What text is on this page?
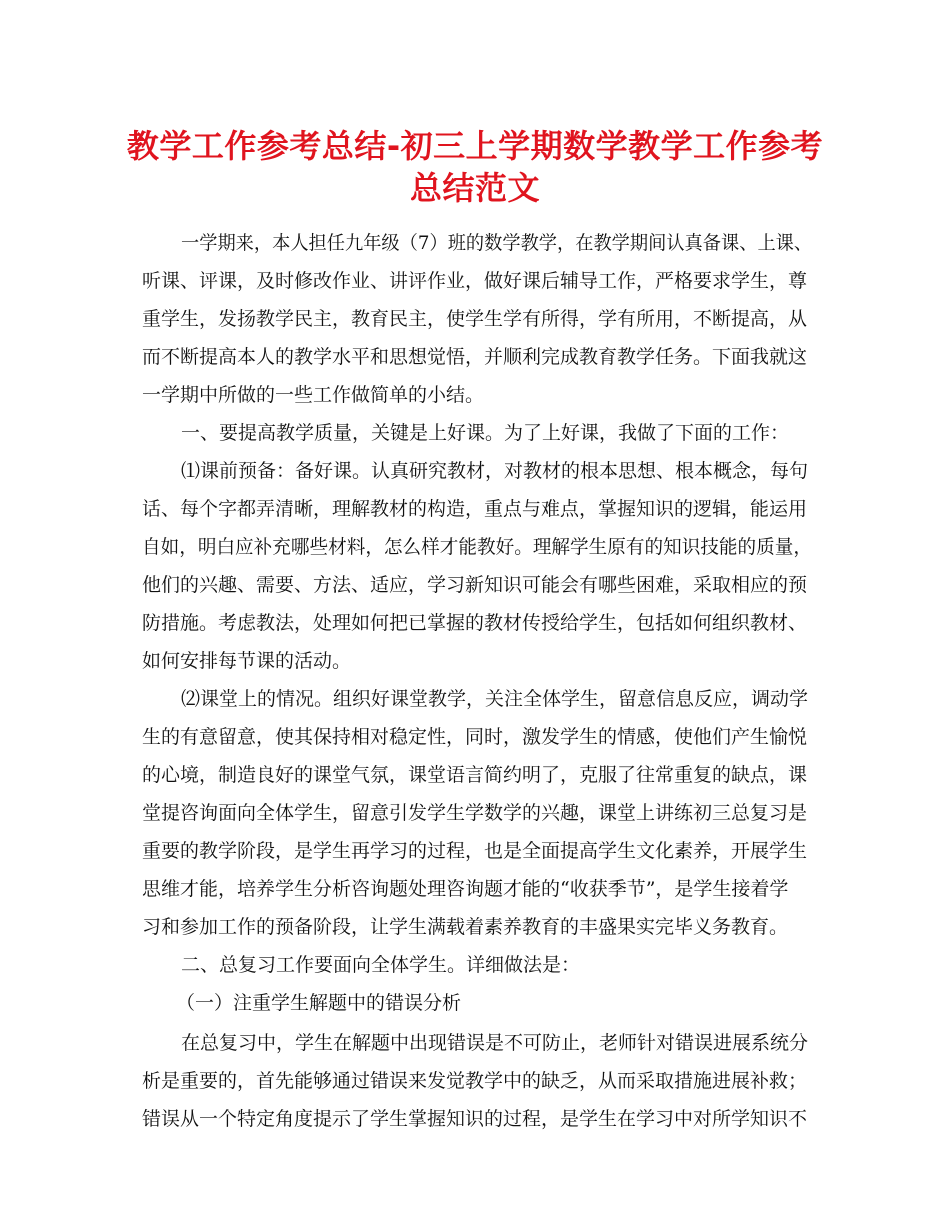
教学工作参考总结-初三上学期数学教学工作参考
总结范文
一学期来，本人担任九年级（7）班的数学教学，在教学期间认真备课、上课、
听课、评课，及时修改作业、讲评作业，做好课后辅导工作，严格要求学生，尊
重学生，发扬教学民主，教育民主，使学生学有所得，学有所用，不断提高，从
而不断提高本人的教学水平和思想觉悟，并顺利完成教育教学任务。下面我就这
一学期中所做的一些工作做简单的小结。
一、要提高教学质量，关键是上好课。为了上好课，我做了下面的工作：
⑴课前预备：备好课。认真研究教材，对教材的根本思想、根本概念，每句
话、每个字都弄清晰，理解教材的构造，重点与难点，掌握知识的逻辑，能运用
自如，明白应补充哪些材料，怎么样才能教好。理解学生原有的知识技能的质量，
他们的兴趣、需要、方法、适应，学习新知识可能会有哪些困难，采取相应的预
防措施。考虑教法，处理如何把已掌握的教材传授给学生，包括如何组织教材、
如何安排每节课的活动。
⑵课堂上的情况。组织好课堂教学，关注全体学生，留意信息反应，调动学
生的有意留意，使其保持相对稳定性，同时，激发学生的情感，使他们产生愉悦
的心境，制造良好的课堂气氛，课堂语言简约明了，克服了往常重复的缺点，课
堂提咨询面向全体学生，留意引发学生学数学的兴趣，课堂上讲练初三总复习是
重要的教学阶段，是学生再学习的过程，也是全面提高学生文化素养，开展学生
思维才能，培养学生分析咨询题处理咨询题才能的“收获季节”，是学生接着学
习和参加工作的预备阶段，让学生满载着素养教育的丰盛果实完毕义务教育。
二、总复习工作要面向全体学生。详细做法是：
（一）注重学生解题中的错误分析
在总复习中，学生在解题中出现错误是不可防止，老师针对错误进展系统分
析是重要的，首先能够通过错误来发觉教学中的缺乏，从而采取措施进展补救；
错误从一个特定角度提示了学生掌握知识的过程，是学生在学习中对所学知识不
